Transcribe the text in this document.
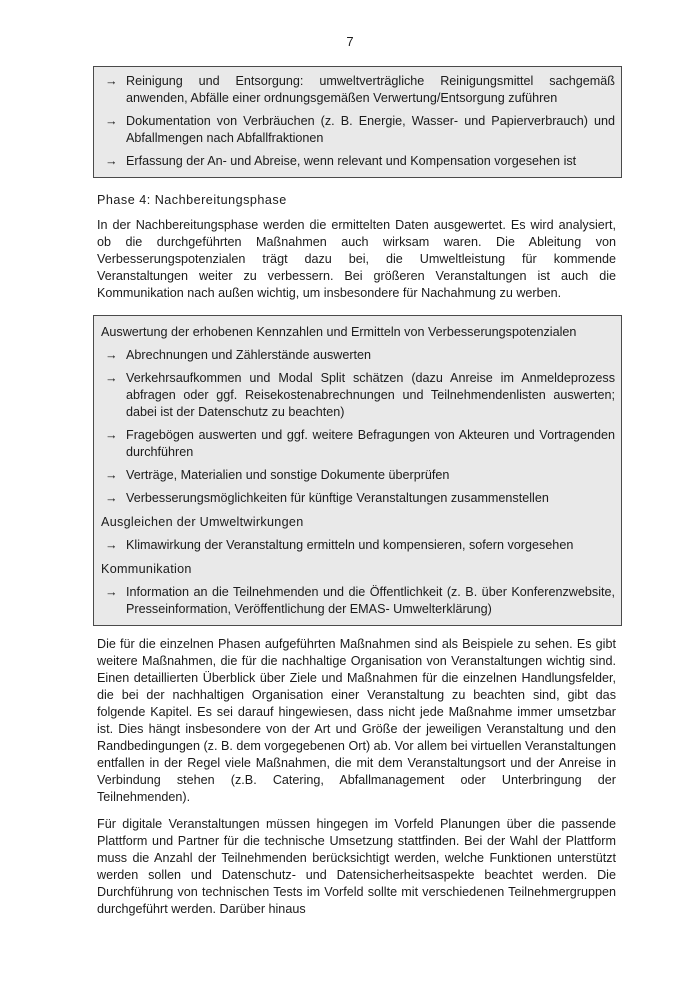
7
→ Reinigung und Entsorgung: umweltverträgliche Reinigungsmittel sachgemäß anwenden, Abfälle einer ordnungsgemäßen Verwertung/Entsorgung zuführen
→ Dokumentation von Verbräuchen (z. B. Energie, Wasser- und Papierverbrauch) und Abfallmengen nach Abfallfraktionen
→ Erfassung der An- und Abreise, wenn relevant und Kompensation vorgesehen ist
Phase 4: Nachbereitungsphase

In der Nachbereitungsphase werden die ermittelten Daten ausgewertet. Es wird analysiert, ob die durchgeführten Maßnahmen auch wirksam waren. Die Ableitung von Verbesserungspotenzialen trägt dazu bei, die Umweltleistung für kommende Veranstaltungen weiter zu verbessern. Bei größeren Veranstaltungen ist auch die Kommunikation nach außen wichtig, um insbesondere für Nachahmung zu werben.

Auswertung der erhobenen Kennzahlen und Ermitteln von Verbesserungspotenzialen
→ Abrechnungen und Zählerstände auswerten
→ Verkehrsaufkommen und Modal Split schätzen (dazu Anreise im Anmeldeprozess abfragen oder ggf. Reisekostenabrechnungen und Teilnehmendenlisten auswerten; dabei ist der Datenschutz zu beachten)
→ Fragebögen auswerten und ggf. weitere Befragungen von Akteuren und Vortragenden durchführen
→ Verträge, Materialien und sonstige Dokumente überprüfen
→ Verbesserungsmöglichkeiten für künftige Veranstaltungen zusammenstellen
Ausgleichen der Umweltwirkungen
→ Klimawirkung der Veranstaltung ermitteln und kompensieren, sofern vorgesehen
Kommunikation
→ Information an die Teilnehmenden und die Öffentlichkeit (z. B. über Konferenzwebsite, Presseinformation, Veröffentlichung der EMAS- Umwelterklärung)

Die für die einzelnen Phasen aufgeführten Maßnahmen sind als Beispiele zu sehen. Es gibt weitere Maßnahmen, die für die nachhaltige Organisation von Veranstaltungen wichtig sind. Einen detaillierten Überblick über Ziele und Maßnahmen für die einzelnen Handlungsfelder, die bei der nachhaltigen Organisation einer Veranstaltung zu beachten sind, gibt das folgende Kapitel. Es sei darauf hingewiesen, dass nicht jede Maßnahme immer umsetzbar ist. Dies hängt insbesondere von der Art und Größe der jeweiligen Veranstaltung und den Randbedingungen (z. B. dem vorgegebenen Ort) ab. Vor allem bei virtuellen Veranstaltungen entfallen in der Regel viele Maßnahmen, die mit dem Veranstaltungsort und der Anreise in Verbindung stehen (z.B. Catering, Abfallmanagement oder Unterbringung der Teilnehmenden).

Für digitale Veranstaltungen müssen hingegen im Vorfeld Planungen über die passende Plattform und Partner für die technische Umsetzung stattfinden. Bei der Wahl der Plattform muss die Anzahl der Teilnehmenden berücksichtigt werden, welche Funktionen unterstützt werden sollen und Datenschutz- und Datensicherheitsaspekte beachtet werden. Die Durchführung von technischen Tests im Vorfeld sollte mit verschiedenen Teilnehmergruppen durchgeführt werden. Darüber hinaus
